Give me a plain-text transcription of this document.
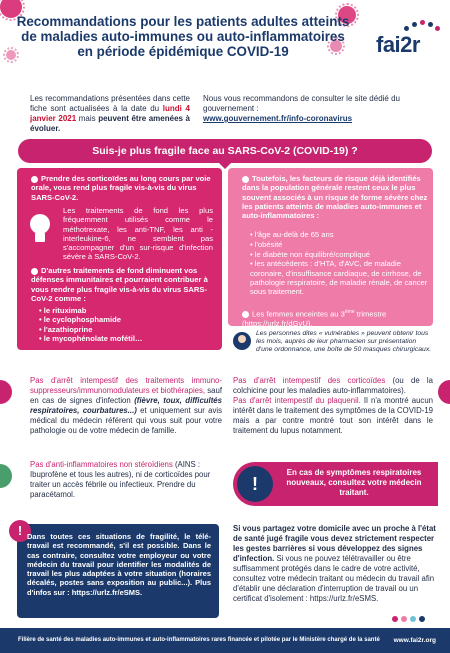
Recommandations pour les patients adultes atteints
de maladies auto-immunes ou auto-inflammatoires
en période épidémique COVID-19	fai2r
Les recommandations présentées dans cette fiche sont actualisées à la date du lundi 4 janvier 2021 mais peuvent être amenées à évoluer.
Nous vous recommandons de consulter le site dédié du gouvernement :
www.gouvernement.fr/info-coronavirus
Suis-je plus fragile face au SARS-CoV-2 (COVID-19) ?
Prendre des corticoïdes au long cours par voie orale, vous rend plus fragile vis-à-vis du virus SARS-CoV-2.
Les traitements de fond les plus fréquemment utilisés comme le méthotrexate, les anti-TNF, les anti -interleukine-6, ne semblent pas s'accompagner d'un sur-risque d'infection sévère à SARS-CoV-2.
D'autres traitements de fond diminuent vos défenses immunitaires et pourraient contribuer à vous rendre plus fragile vis-à-vis du virus SARS-CoV-2 comme :
• le rituximab
• le cyclophosphamide
• l'azathioprine
• le mycophénolate mofétil…
Toutefois, les facteurs de risque déjà identifiés dans la population générale restent ceux le plus souvent associés à un risque de forme sévère chez les patients atteints de maladies auto-immunes et auto-inflammatoires :
• l'âge au-delà de 65 ans
• l'obésité
• le diabète non équilibré/compliqué
• les antécédents : d'HTA, d'AVC, de maladie coronaire, d'insuffisance cardiaque, de cirrhose, de pathologie respiratoire, de maladie rénale, de cancer sous traitement.
Les femmes enceintes au 3ème trimestre (https://urlz.fr/dGyU).
Les personnes dites « vulnérables » peuvent obtenir tous les mois, auprès de leur pharmacien sur présentation d'une ordonnance, une boîte de 50 masques chirurgicaux.
Pas d'arrêt intempestif des traitements immuno-suppresseurs/immunomodulateurs et biothérapies, sauf en cas de signes d'infection (fièvre, toux, difficultés respiratoires, courbatures...) et uniquement sur avis médical du médecin référent qui vous suit pour votre pathologie ou de votre médecin de famille.
Pas d'arrêt intempestif des corticoïdes (ou de la colchicine pour les maladies auto-inflammatoires).
Pas d'arrêt intempestif du plaquenil. Il n'a montré aucun intérêt dans le traitement des symptômes de la COVID-19 mais a par contre montré tout son intérêt dans le traitement du lupus notamment.
Pas d'anti-inflammatoires non stéroïdiens (AINS : Ibuprofène et tous les autres), ni de corticoïdes pour traiter un accès fébrile ou infectieux. Prendre du paracétamol.
!
En cas de symptômes respiratoires nouveaux, consultez votre médecin traitant.
! Dans toutes ces situations de fragilité, le télé-travail est recommandé, s'il est possible. Dans le cas contraire, consultez votre employeur ou votre médecin du travail pour identifier les modalités de travail les plus adaptées à votre situation (horaires décalés, postes sans exposition au public...). Plus d'infos sur : https://urlz.fr/eSMS.
Si vous partagez votre domicile avec un proche à l'état de santé jugé fragile vous devez strictement respecter les gestes barrières si vous développez des signes d'infection. Si vous ne pouvez télétravailler ou être suffisamment protégés dans le cadre de votre activité, consultez votre médecin traitant ou médecin du travail afin d'établir une déclaration d'interruption de travail ou un certificat d'isolement : https://urlz.fr/eSMS.
Filière de santé des maladies auto-immunes et auto-inflammatoires rares financée et pilotée par le Ministère chargé de la santé www.fai2r.org
